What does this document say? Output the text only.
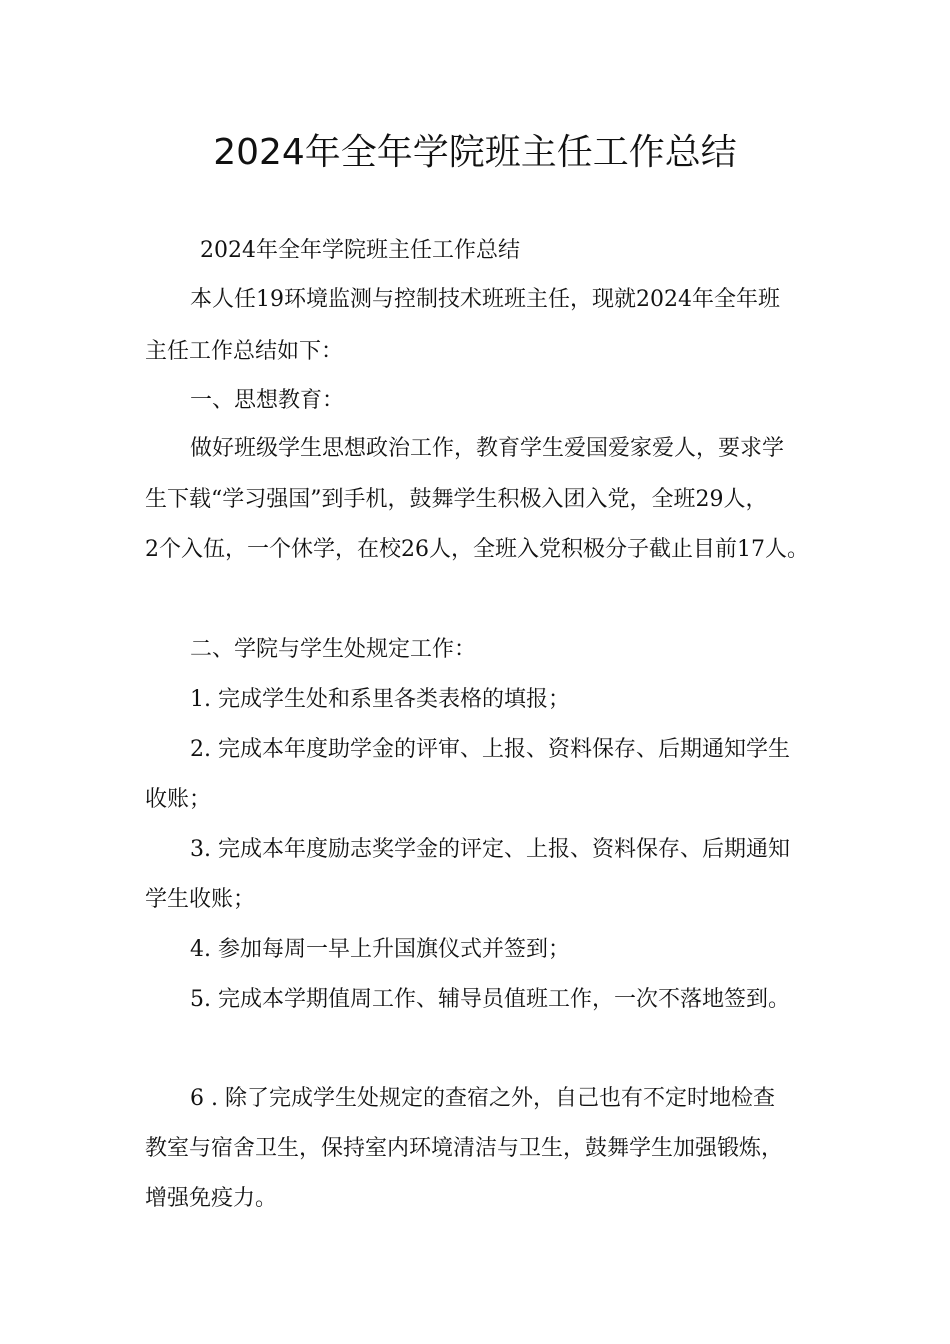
2024年全年学院班主任工作总结

2024年全年学院班主任工作总结

本人任19环境监测与控制技术班班主任，现就2024年全年班

主任工作总结如下：

一、思想教育：

做好班级学生思想政治工作，教育学生爱国爱家爱人，要求学

生下载“学习强国”到手机，鼓舞学生积极入团入党，全班29人，

2个入伍，一个休学，在校26人，全班入党积极分子截止目前17人。

二、学院与学生处规定工作：

1. 完成学生处和系里各类表格的填报；

2. 完成本年度助学金的评审、上报、资料保存、后期通知学生

收账；

3. 完成本年度励志奖学金的评定、上报、资料保存、后期通知

学生收账；

4. 参加每周一早上升国旗仪式并签到；

5. 完成本学期值周工作、辅导员值班工作，一次不落地签到。

6 . 除了完成学生处规定的查宿之外，自己也有不定时地检查

教室与宿舍卫生，保持室内环境清洁与卫生，鼓舞学生加强锻炼，

增强免疫力。
